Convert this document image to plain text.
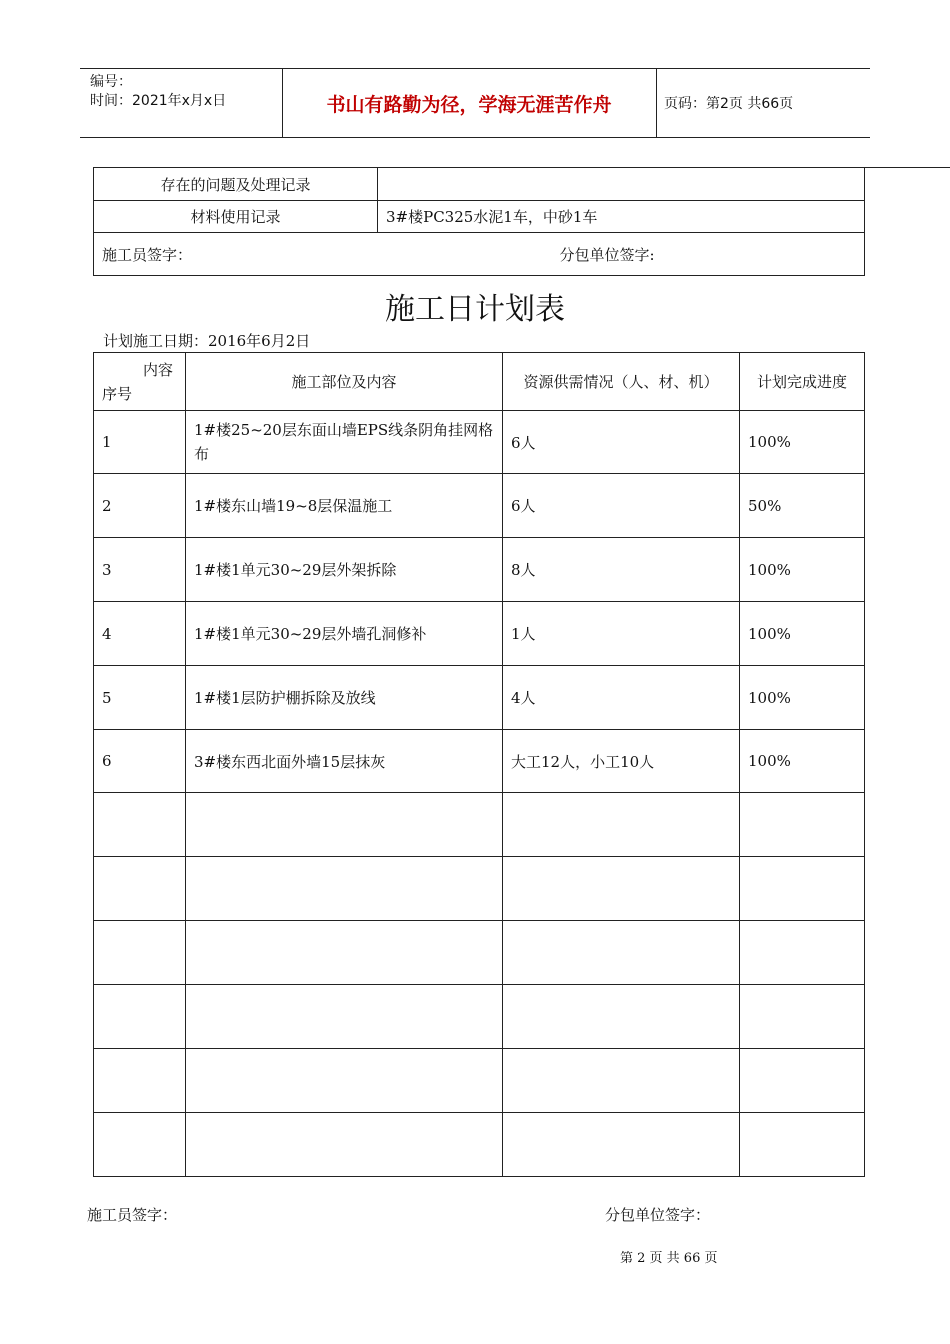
编号：
时间：2021年x月x日	书山有路勤为径，学海无涯苦作舟	页码：第2页 共66页
存在的问题及处理记录	
材料使用记录	3#楼PC325水泥1车，中砂1车
施工员签字： 分包单位签字:	
施工日计划表
计划施工日期：2016年6月2日
内容
序号	施工部位及内容	资源供需情况（人、材、机）	计划完成进度
1	1#楼25~20层东面山墙EPS线条阴角挂网格布	6人	100%
2	1#楼东山墙19~8层保温施工	6人	50%
3	1#楼1单元30~29层外架拆除	8人	100%
4	1#楼1单元30~29层外墙孔洞修补	1人	100%
5	1#楼1层防护棚拆除及放线	4人	100%
6	3#楼东西北面外墙15层抹灰	大工12人，小工10人	100%

施工员签字：	分包单位签字：
第 2 页 共 66 页
